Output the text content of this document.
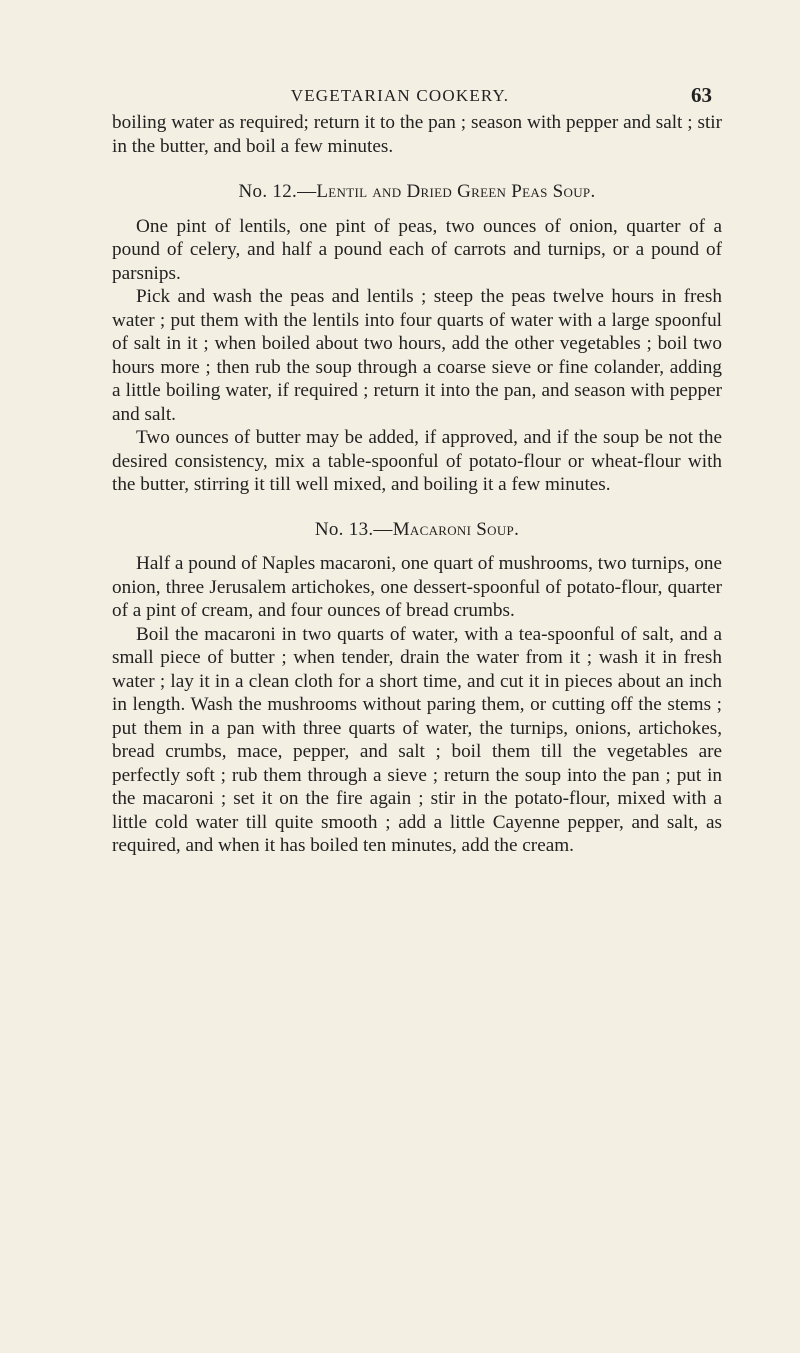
VEGETARIAN COOKERY.	63

boiling water as required; return it to the pan ; season with pepper and salt ; stir in the butter, and boil a few minutes.

No. 12.—Lentil and Dried Green Peas Soup.

One pint of lentils, one pint of peas, two ounces of onion, quarter of a pound of celery, and half a pound each of carrots and turnips, or a pound of parsnips.

Pick and wash the peas and lentils ; steep the peas twelve hours in fresh water ; put them with the lentils into four quarts of water with a large spoonful of salt in it ; when boiled about two hours, add the other vegetables ; boil two hours more ; then rub the soup through a coarse sieve or fine colander, adding a little boiling water, if required ; return it into the pan, and season with pepper and salt.

Two ounces of butter may be added, if approved, and if the soup be not the desired consistency, mix a table-spoonful of potato-flour or wheat-flour with the butter, stirring it till well mixed, and boiling it a few minutes.

No. 13.—Macaroni Soup.

Half a pound of Naples macaroni, one quart of mushrooms, two turnips, one onion, three Jerusalem artichokes, one dessert-spoonful of potato-flour, quarter of a pint of cream, and four ounces of bread crumbs.

Boil the macaroni in two quarts of water, with a tea-spoonful of salt, and a small piece of butter ; when tender, drain the water from it ; wash it in fresh water ; lay it in a clean cloth for a short time, and cut it in pieces about an inch in length. Wash the mushrooms without paring them, or cutting off the stems ; put them in a pan with three quarts of water, the turnips, onions, artichokes, bread crumbs, mace, pepper, and salt ; boil them till the vegetables are perfectly soft ; rub them through a sieve ; return the soup into the pan ; put in the macaroni ; set it on the fire again ; stir in the potato-flour, mixed with a little cold water till quite smooth ; add a little Cayenne pepper, and salt, as required, and when it has boiled ten minutes, add the cream.
